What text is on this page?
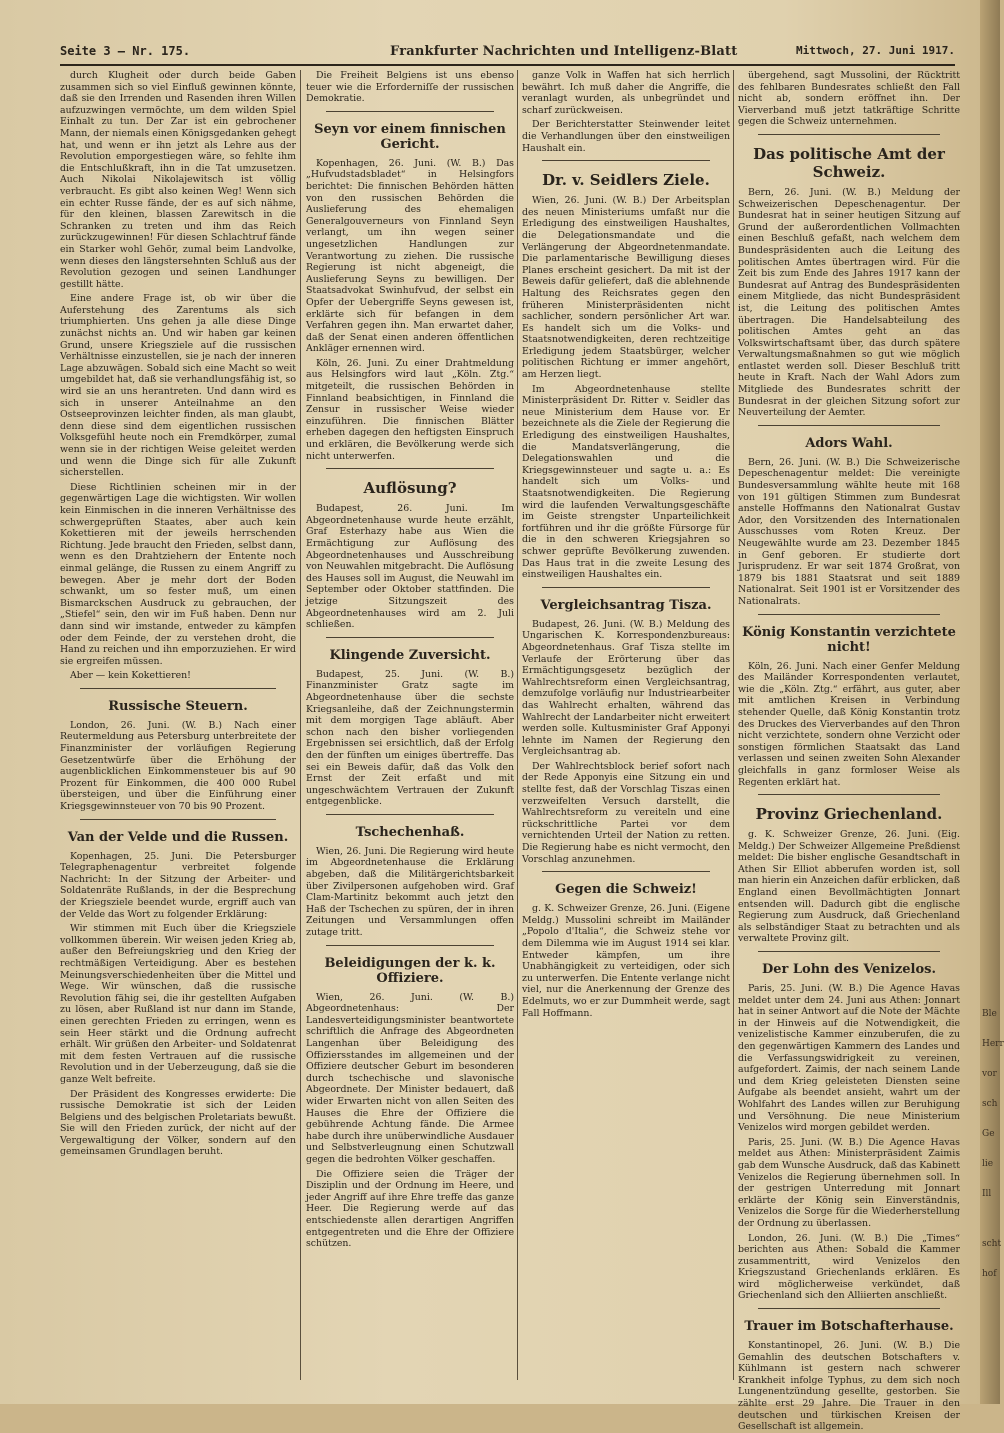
Seite 3 — Nr. 175.	Frankfurter Nachrichten und Intelligenz-Blatt	Mittwoch, 27. Juni 1917.

durch Klugheit oder durch beide Gaben zusammen sich so viel Einfluß gewinnen könnte, daß sie den Irrenden und Rasenden ihren Willen aufzuzwingen vermöchte, um dem wilden Spiel Einhalt zu tun. Der Zar ist ein gebrochener Mann, der niemals einen Königsgedanken gehegt hat, und wenn er ihn jetzt als Lehre aus der Revolution emporgestiegen wäre, so fehlte ihm die Entschlußkraft, ihn in die Tat umzusetzen. Auch Nikolai Nikolajewitsch ist völlig verbraucht. Es gibt also keinen Weg! Wenn sich ein echter Russe fände, der es auf sich nähme, für den kleinen, blassen Zarewitsch in die Schranken zu treten und ihm das Reich zurückzugewinnen! Für diesen Schlachtruf fände ein Starker wohl Gehör, zumal beim Landvolke, wenn dieses den längstersehnten Schluß aus der Revolution gezogen und seinen Landhunger gestillt hätte.

Eine andere Frage ist, ob wir über die Auferstehung des Zarentums als sich triumphierten. Uns gehen ja alle diese Dinge zunächst nichts an. Und wir haben gar keinen Grund, unsere Kriegsziele auf die russischen Verhältnisse einzustellen, sie je nach der inneren Lage abzuwägen. Sobald sich eine Macht so weit umgebildet hat, daß sie verhandlungsfähig ist, so wird sie an uns herantreten. Und dann wird es sich in unserer Anteilnahme an den Ostseeprovinzen leichter finden, als man glaubt, denn diese sind dem eigentlichen russischen Volksgefühl heute noch ein Fremdkörper, zumal wenn sie in der richtigen Weise geleitet werden und wenn die Dinge sich für alle Zukunft sicherstellen.

Diese Richtlinien scheinen mir in der gegenwärtigen Lage die wichtigsten. Wir wollen kein Einmischen in die inneren Verhältnisse des schwergeprüften Staates, aber auch kein Kokettieren mit der jeweils herrschenden Richtung. Jede braucht den Frieden, selbst dann, wenn es den Drahtziehern der Entente noch einmal gelänge, die Russen zu einem Angriff zu bewegen. Aber je mehr dort der Boden schwankt, um so fester muß, um einen Bismarckschen Ausdruck zu gebrauchen, der „Stiefel“ sein, den wir im Fuß haben. Denn nur dann sind wir imstande, entweder zu kämpfen oder dem Feinde, der zu verstehen droht, die Hand zu reichen und ihn emporzuziehen. Er wird sie ergreifen müssen.

Aber — kein Kokettieren!

Russische Steuern.

London, 26. Juni. (W. B.) Nach einer Reutermeldung aus Petersburg unterbreitete der Finanzminister der vorläufigen Regierung Gesetzentwürfe über die Erhöhung der augenblicklichen Einkommensteuer bis auf 90 Prozent für Einkommen, die 400 000 Rubel übersteigen, und über die Einführung einer Kriegsgewinnsteuer von 70 bis 90 Prozent.

Van der Velde und die Russen.

Kopenhagen, 25. Juni. Die Petersburger Telegraphenagentur verbreitet folgende Nachricht: In der Sitzung der Arbeiter- und Soldatenräte Rußlands, in der die Besprechung der Kriegsziele beendet wurde, ergriff auch van der Velde das Wort zu folgender Erklärung:

Wir stimmen mit Euch über die Kriegsziele vollkommen überein. Wir weisen jeden Krieg ab, außer den Befreiungskrieg und den Krieg der rechtmäßigen Verteidigung. Aber es bestehen Meinungsverschiedenheiten über die Mittel und Wege. Wir wünschen, daß die russische Revolution fähig sei, die ihr gestellten Aufgaben zu lösen, aber Rußland ist nur dann im Stande, einen gerechten Frieden zu erringen, wenn es sein Heer stärkt und die Ordnung aufrecht erhält. Wir grüßen den Arbeiter- und Soldatenrat mit dem festen Vertrauen auf die russische Revolution und in der Ueberzeugung, daß sie die ganze Welt befreite.

Der Präsident des Kongresses erwiderte: Die russische Demokratie ist sich der Leiden Belgiens und des belgischen Proletariats bewußt. Sie will den Frieden zurück, der nicht auf der Vergewaltigung der Völker, sondern auf den gemeinsamen Grundlagen beruht.

Die Freiheit Belgiens ist uns ebenso teuer wie die Erforderniſſe der russischen Demokratie.

Seyn vor einem finnischen Gericht.

Kopenhagen, 26. Juni. (W. B.) Das „Hufvudstadsbladet“ in Helsingfors berichtet: Die finnischen Behörden hätten von den russischen Behörden die Auslieferung des ehemaligen Generalgouverneurs von Finnland Seyn verlangt, um ihn wegen seiner ungesetzlichen Handlungen zur Verantwortung zu ziehen. Die russische Regierung ist nicht abgeneigt, die Auslieferung Seyns zu bewilligen. Der Staatsadvokat Swinhufvud, der selbst ein Opfer der Uebergriffe Seyns gewesen ist, erklärte sich für befangen in dem Verfahren gegen ihn. Man erwartet daher, daß der Senat einen anderen öffentlichen Ankläger ernennen wird.

Köln, 26. Juni. Zu einer Drahtmeldung aus Helsingfors wird laut „Köln. Ztg.“ mitgeteilt, die russischen Behörden in Finnland beabsichtigen, in Finnland die Zensur in russischer Weise wieder einzuführen. Die finnischen Blätter erheben dagegen den heftigsten Einspruch und erklären, die Bevölkerung werde sich nicht unterwerfen.

Auflösung?

Budapest, 26. Juni. Im Abgeordnetenhause wurde heute erzählt, Graf Esterhazy habe aus Wien die Ermächtigung zur Auflösung des Abgeordnetenhauses und Ausschreibung von Neuwahlen mitgebracht. Die Auflösung des Hauses soll im August, die Neuwahl im September oder Oktober stattfinden. Die jetzige Sitzungszeit des Abgeordnetenhauses wird am 2. Juli schließen.

Klingende Zuversicht.

Budapest, 25. Juni. (W. B.) Finanzminister Gratz sagte im Abgeordnetenhause über die sechste Kriegsanleihe, daß der Zeichnungstermin mit dem morgigen Tage abläuft. Aber schon nach den bisher vorliegenden Ergebnissen sei ersichtlich, daß der Erfolg den der fünften um einiges übertreffe. Das sei ein Beweis dafür, daß das Volk den Ernst der Zeit erfaßt und mit ungeschwächtem Vertrauen der Zukunft entgegenblicke.

Tschechenhaß.

Wien, 26. Juni. Die Regierung wird heute im Abgeordnetenhause die Erklärung abgeben, daß die Militärgerichtsbarkeit über Zivilpersonen aufgehoben wird. Graf Clam-Martinitz bekommt auch jetzt den Haß der Tschechen zu spüren, der in ihren Zeitungen und Versammlungen offen zutage tritt.

Beleidigungen der k. k. Offiziere.

Wien, 26. Juni. (W. B.) Abgeordnetenhaus: Der Landesverteidigungsminister beantwortete schriftlich die Anfrage des Abgeordneten Langenhan über Beleidigung des Offiziersstandes im allgemeinen und der Offiziere deutscher Geburt im besonderen durch tschechische und slavonische Abgeordnete. Der Minister bedauert, daß wider Erwarten nicht von allen Seiten des Hauses die Ehre der Offiziere die gebührende Achtung fände. Die Armee habe durch ihre unüberwindliche Ausdauer und Selbstverleugnung einen Schutzwall gegen die bedrohten Völker geschaffen.

Die Offiziere seien die Träger der Disziplin und der Ordnung im Heere, und jeder Angriff auf ihre Ehre treffe das ganze Heer. Die Regierung werde auf das entschiedenste allen derartigen Angriffen entgegentreten und die Ehre der Offiziere schützen.

ganze Volk in Waffen hat sich herrlich bewährt. Ich muß daher die Angriffe, die veranlagt wurden, als unbegründet und scharf zurückweisen.

Der Berichterstatter Steinwender leitet die Verhandlungen über den einstweiligen Haushalt ein.

Dr. v. Seidlers Ziele.

Wien, 26. Juni. (W. B.) Der Arbeitsplan des neuen Ministeriums umfaßt nur die Erledigung des einstweiligen Haushaltes, die Delegationsmandate und die Verlängerung der Abgeordnetenmandate. Die parlamentarische Bewilligung dieses Planes erscheint gesichert. Da mit ist der Beweis dafür geliefert, daß die ablehnende Haltung des Reichsrates gegen den früheren Ministerpräsidenten nicht sachlicher, sondern persönlicher Art war. Es handelt sich um die Volks- und Staatsnotwendigkeiten, deren rechtzeitige Erledigung jedem Staatsbürger, welcher politischen Richtung er immer angehört, am Herzen liegt.

Im Abgeordnetenhause stellte Ministerpräsident Dr. Ritter v. Seidler das neue Ministerium dem Hause vor. Er bezeichnete als die Ziele der Regierung die Erledigung des einstweiligen Haushaltes, die Mandatsverlängerung, die Delegationswahlen und die Kriegsgewinnsteuer und sagte u. a.: Es handelt sich um Volks- und Staatsnotwendigkeiten. Die Regierung wird die laufenden Verwaltungsgeschäfte im Geiste strengster Unparteilichkeit fortführen und ihr die größte Fürsorge für die in den schweren Kriegsjahren so schwer geprüfte Bevölkerung zuwenden. Das Haus trat in die zweite Lesung des einstweiligen Haushaltes ein.

Vergleichsantrag Tisza.

Budapest, 26. Juni. (W. B.) Meldung des Ungarischen K. Korrespondenzbureaus: Abgeordnetenhaus. Graf Tisza stellte im Verlaufe der Erörterung über das Ermächtigungsgesetz bezüglich der Wahlrechtsreform einen Vergleichsantrag, demzufolge vorläufig nur Industriearbeiter das Wahlrecht erhalten, während das Wahlrecht der Landarbeiter nicht erweitert werden solle. Kultusminister Graf Apponyi lehnte im Namen der Regierung den Vergleichsantrag ab.

Der Wahlrechtsblock berief sofort nach der Rede Apponyis eine Sitzung ein und stellte fest, daß der Vorschlag Tiszas einen verzweifelten Versuch darstellt, die Wahlrechtsreform zu vereiteln und eine rückschrittliche Partei vor dem vernichtenden Urteil der Nation zu retten. Die Regierung habe es nicht vermocht, den Vorschlag anzunehmen.

Gegen die Schweiz!

g. K. Schweizer Grenze, 26. Juni. (Eigene Meldg.) Mussolini schreibt im Mailänder „Popolo d'Italia“, die Schweiz stehe vor dem Dilemma wie im August 1914 sei klar. Entweder kämpfen, um ihre Unabhängigkeit zu verteidigen, oder sich zu unterwerfen. Die Entente verlange nicht viel, nur die Anerkennung der Grenze des Edelmuts, wo er zur Dummheit werde, sagt Fall Hoffmann.

übergehend, sagt Mussolini, der Rücktritt des fehlbaren Bundesrates schließt den Fall nicht ab, sondern eröffnet ihn. Der Vierverband muß jetzt tatkräftige Schritte gegen die Schweiz unternehmen.

Das politische Amt der Schweiz.

Bern, 26. Juni. (W. B.) Meldung der Schweizerischen Depeschenagentur. Der Bundesrat hat in seiner heutigen Sitzung auf Grund der außerordentlichen Vollmachten einen Beschluß gefaßt, nach welchem dem Bundespräsidenten auch die Leitung des politischen Amtes übertragen wird. Für die Zeit bis zum Ende des Jahres 1917 kann der Bundesrat auf Antrag des Bundespräsidenten einem Mitgliede, das nicht Bundespräsident ist, die Leitung des politischen Amtes übertragen. Die Handelsabteilung des politischen Amtes geht an das Volkswirtschaftsamt über, das durch spätere Verwaltungsmaßnahmen so gut wie möglich entlastet werden soll. Dieser Beschluß tritt heute in Kraft. Nach der Wahl Adors zum Mitgliede des Bundesrates schritt der Bundesrat in der gleichen Sitzung sofort zur Neuverteilung der Aemter.

Adors Wahl.

Bern, 26. Juni. (W. B.) Die Schweizerische Depeschenagentur meldet: Die vereinigte Bundesversammlung wählte heute mit 168 von 191 gültigen Stimmen zum Bundesrat anstelle Hoffmanns den Nationalrat Gustav Ador, den Vorsitzenden des Internationalen Ausschusses vom Roten Kreuz. Der Neugewählte wurde am 23. Dezember 1845 in Genf geboren. Er studierte dort Jurisprudenz. Er war seit 1874 Großrat, von 1879 bis 1881 Staatsrat und seit 1889 Nationalrat. Seit 1901 ist er Vorsitzender des Nationalrats.

König Konstantin verzichtete nicht!

Köln, 26. Juni. Nach einer Genfer Meldung des Mailänder Korrespondenten verlautet, wie die „Köln. Ztg.“ erfährt, aus guter, aber mit amtlichen Kreisen in Verbindung stehender Quelle, daß König Konstantin trotz des Druckes des Vierverbandes auf den Thron nicht verzichtete, sondern ohne Verzicht oder sonstigen förmlichen Staatsakt das Land verlassen und seinen zweiten Sohn Alexander gleichfalls in ganz formloser Weise als Regenten erklärt hat.

Provinz Griechenland.

g. K. Schweizer Grenze, 26. Juni. (Eig. Meldg.) Der Schweizer Allgemeine Preßdienst meldet: Die bisher englische Gesandtschaft in Athen Sir Elliot abberufen worden ist, soll man hierin ein Anzeichen dafür erblicken, daß England einen Bevollmächtigten Jonnart entsenden will. Dadurch gibt die englische Regierung zum Ausdruck, daß Griechenland als selbständiger Staat zu betrachten und als verwaltete Provinz gilt.

Der Lohn des Venizelos.

Paris, 25. Juni. (W. B.) Die Agence Havas meldet unter dem 24. Juni aus Athen: Jonnart hat in seiner Antwort auf die Note der Mächte in der Hinweis auf die Notwendigkeit, die venizelistische Kammer einzuberufen, die zu den gegenwärtigen Kammern des Landes und die Verfassungswidrigkeit zu vereinen, aufgefordert. Zaimis, der nach seinem Lande und dem Krieg geleisteten Diensten seine Aufgabe als beendet ansieht, wahrt um der Wohlfahrt des Landes willen zur Beruhigung und Versöhnung. Die neue Ministerium Venizelos wird morgen gebildet werden.

Paris, 25. Juni. (W. B.) Die Agence Havas meldet aus Athen: Ministerpräsident Zaimis gab dem Wunsche Ausdruck, daß das Kabinett Venizelos die Regierung übernehmen soll. In der gestrigen Unterredung mit Jonnart erklärte der König sein Einverständnis, Venizelos die Sorge für die Wiederherstellung der Ordnung zu überlassen.

London, 26. Juni. (W. B.) Die „Times“ berichten aus Athen: Sobald die Kammer zusammentritt, wird Venizelos den Kriegszustand Griechenlands erklären. Es wird möglicherweise verkündet, daß Griechenland sich den Alliierten anschließt.

Trauer im Botschafterhause.

Konstantinopel, 26. Juni. (W. B.) Die Gemahlin des deutschen Botschafters v. Kühlmann ist gestern nach schwerer Krankheit infolge Typhus, zu dem sich noch Lungenentzündung gesellte, gestorben. Sie zählte erst 29 Jahre. Die Trauer in den deutschen und türkischen Kreisen der Gesellschaft ist allgemein.

Ble
Herr
vor
sch
Ge
lie
Ill
scht
hof
